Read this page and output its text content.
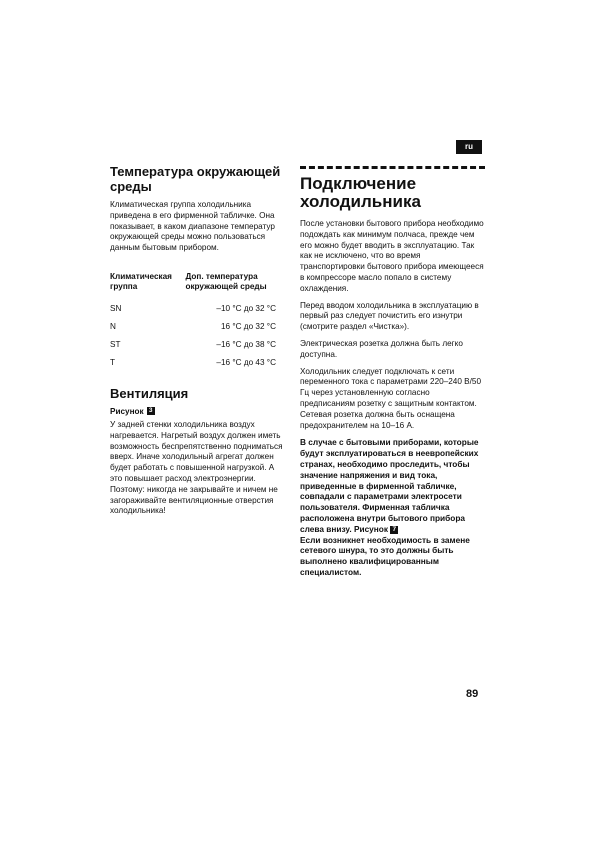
ru
Температура окружающей среды

Климатическая группа холодильника приведена в его фирменной табличке. Она показывает, в каком диапазоне температур окружающей среды можно пользоваться данным бытовым прибором.

Климатическая группа	Доп. температура окружающей среды
SN	–10 °C до 32 °C
N	16 °C до 32 °C
ST	–16 °C до 38 °C
T	–16 °C до 43 °C
Вентиляция
Рисунок 3

У задней стенки холодильника воздух нагревается. Нагретый воздух должен иметь возможность беспрепятственно подниматься вверх. Иначе холодильный агрегат должен будет работать с повышенной нагрузкой. А это повышает расход электроэнергии. Поэтому: никогда не закрывайте и ничем не загораживайте вентиляционные отверстия холодильника!

Подключение холодильника

После установки бытового прибора необходимо подождать как минимум полчаса, прежде чем его можно будет вводить в эксплуатацию. Так как не исключено, что во время транспортировки бытового прибора имеющееся в компрессоре масло попало в систему охлаждения.

Перед вводом холодильника в эксплуатацию в первый раз следует почистить его изнутри (смотрите раздел «Чистка»).

Электрическая розетка должна быть легко доступна.

Холодильник следует подключать к сети переменного тока с параметрами 220–240 В/50 Гц через установленную согласно предписаниям розетку с защитным контактом. Сетевая розетка должна быть оснащена предохранителем на 10–16 А.

В случае с бытовыми приборами, которые будут эксплуатироваться в неевропейских странах, необходимо проследить, чтобы значение напряжения и вид тока, приведенные в фирменной табличке, совпадали с параметрами электросети пользователя. Фирменная табличка расположена внутри бытового прибора слева внизу. Рисунок 7

Если возникнет необходимость в замене сетевого шнура, то это должны быть выполнено квалифицированным специалистом.

89
